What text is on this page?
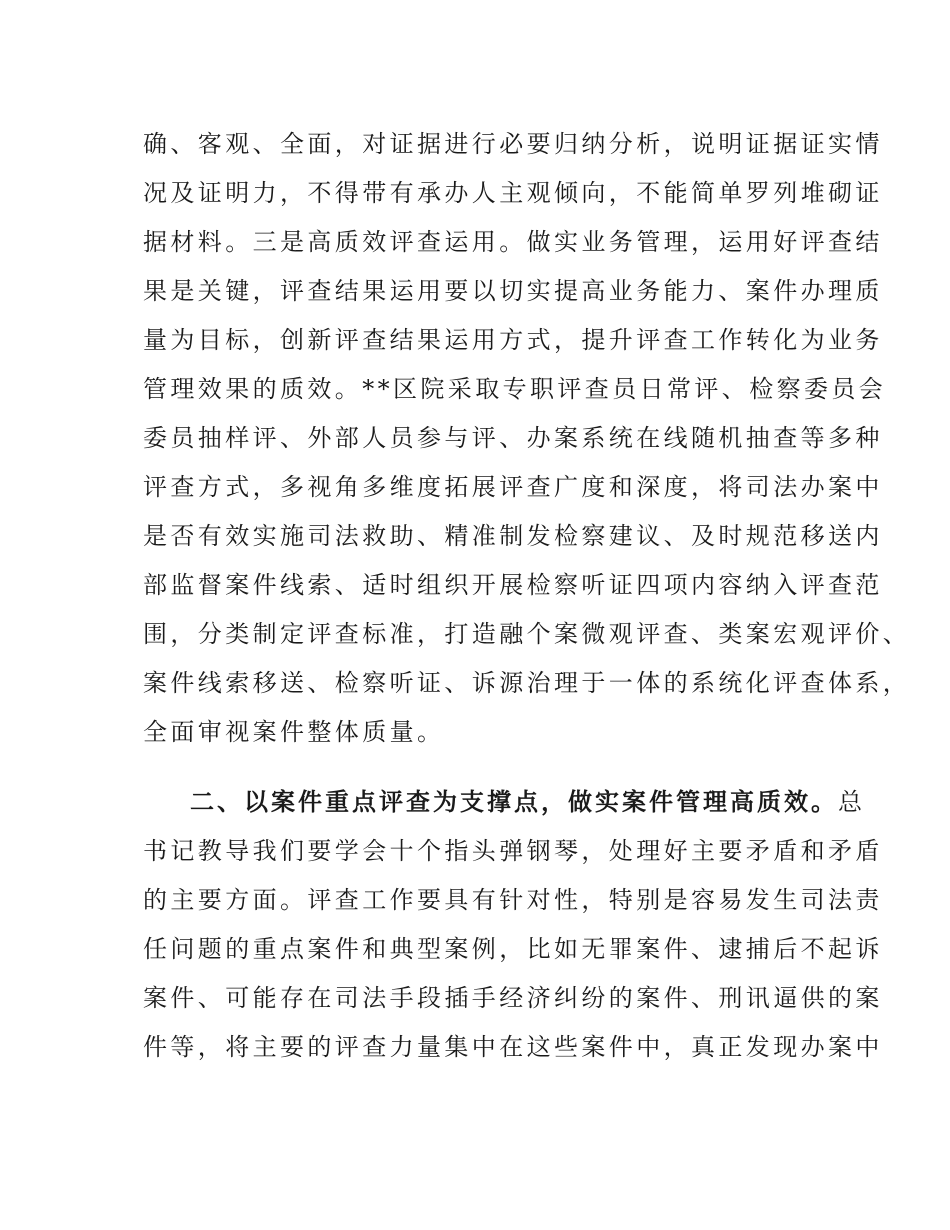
确、客观、全面，对证据进行必要归纳分析，说明证据证实情
况及证明力，不得带有承办人主观倾向，不能简单罗列堆砌证
据材料。三是高质效评查运用。做实业务管理，运用好评查结
果是关键，评查结果运用要以切实提高业务能力、案件办理质
量为目标，创新评查结果运用方式，提升评查工作转化为业务
管理效果的质效。**区院采取专职评查员日常评、检察委员会
委员抽样评、外部人员参与评、办案系统在线随机抽查等多种
评查方式，多视角多维度拓展评查广度和深度，将司法办案中
是否有效实施司法救助、精准制发检察建议、及时规范移送内
部监督案件线索、适时组织开展检察听证四项内容纳入评查范
围，分类制定评查标准，打造融个案微观评查、类案宏观评价、
案件线索移送、检察听证、诉源治理于一体的系统化评查体系，
全面审视案件整体质量。
二、以案件重点评查为支撑点，做实案件管理高质效。总
书记教导我们要学会十个指头弹钢琴，处理好主要矛盾和矛盾
的主要方面。评查工作要具有针对性，特别是容易发生司法责
任问题的重点案件和典型案例，比如无罪案件、逮捕后不起诉
案件、可能存在司法手段插手经济纠纷的案件、刑讯逼供的案
件等，将主要的评查力量集中在这些案件中，真正发现办案中
